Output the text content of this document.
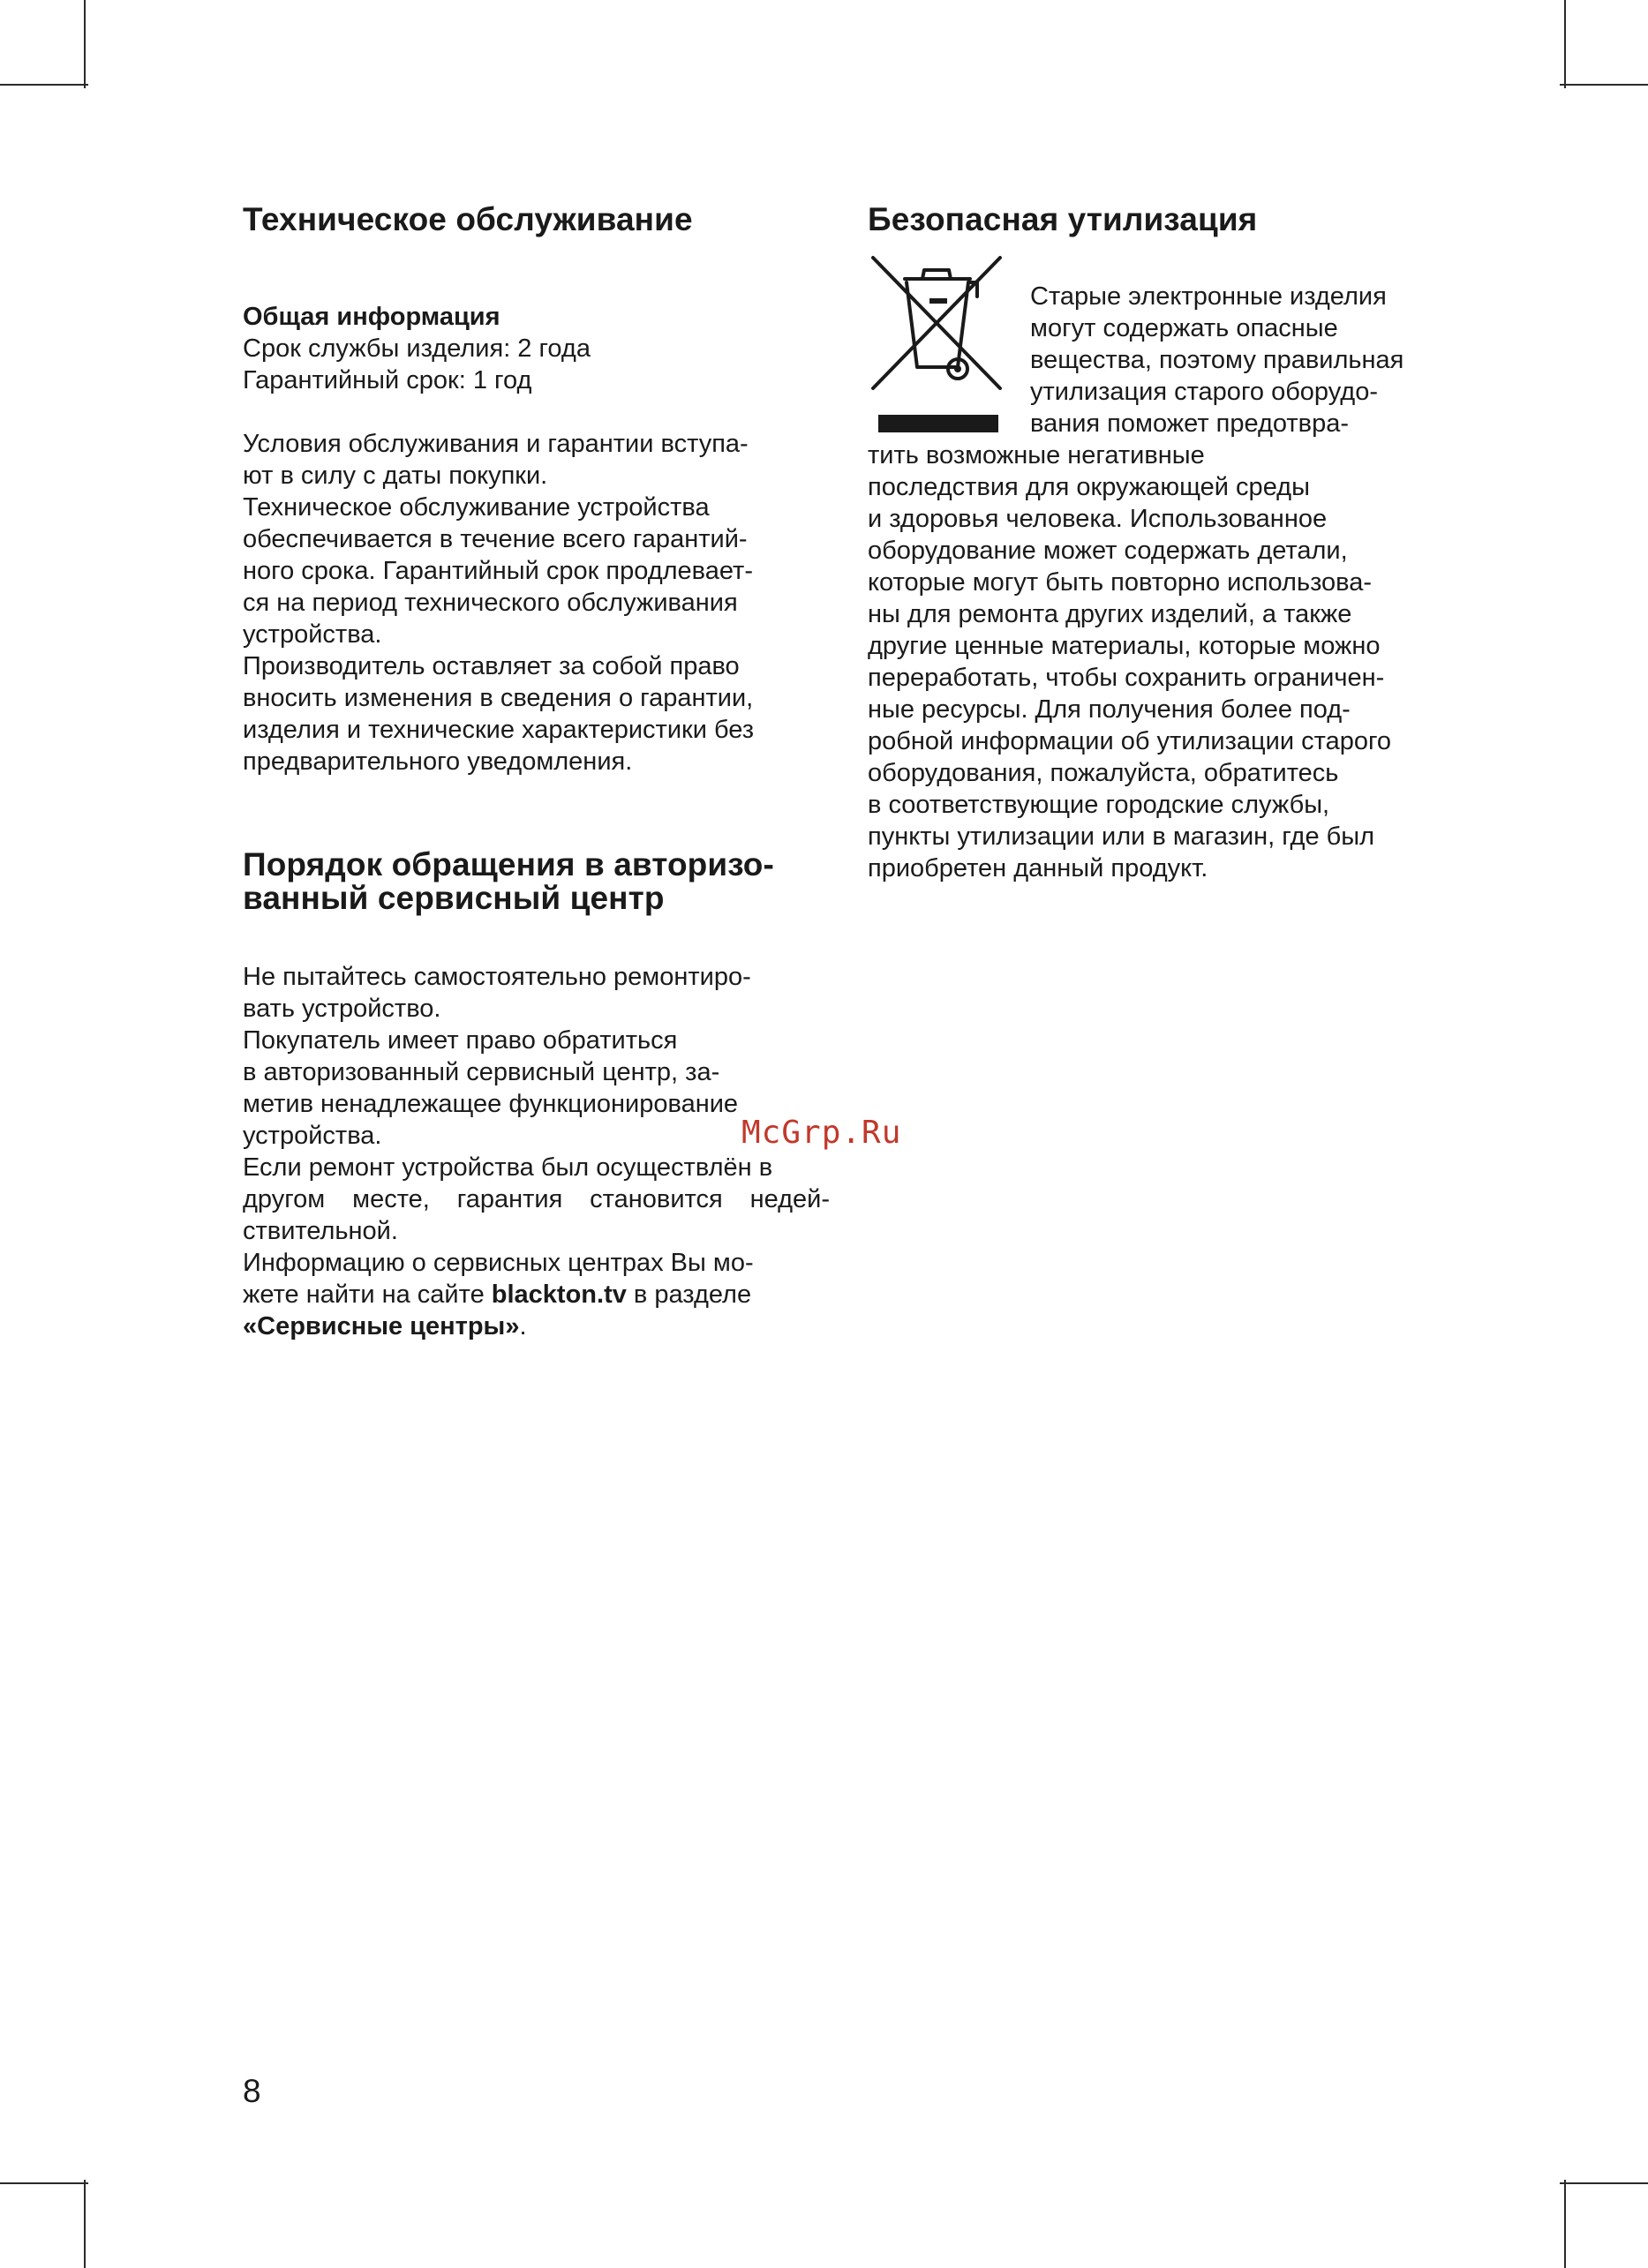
Техническое обслуживание
Общая информация

Срок службы изделия: 2 года

Гарантийный срок: 1 год

Условия обслуживания и гарантии вступа-

ют в силу с даты покупки.

Техническое обслуживание устройства

обеспечивается в течение всего гарантий-

ного срока. Гарантийный срок продлевает-

ся на период технического обслуживания

устройства.

Производитель оставляет за собой право

вносить изменения в сведения о гарантии,

изделия и технические характеристики без

предварительного уведомления.

Порядок обращения в авторизо-
ванный сервисный центр

Не пытайтесь самостоятельно ремонтиро-

вать устройство.

Покупатель имеет право обратиться

в авторизованный сервисный центр, за-

метив ненадлежащее функционирование

устройства.

Если ремонт устройства был осуществлён в

другом месте, гарантия становится недей-

ствительной.

Информацию о сервисных центрах Вы мо-

жете найти на сайте blackton.tv в разделе

«Сервисные центры».

Безопасная утилизация

Старые электронные изделия

могут содержать опасные

вещества, поэтому правильная

утилизация старого оборудо-

вания поможет предотвра-

тить возможные негативные

последствия для окружающей среды

и здоровья человека. Использованное

оборудование может содержать детали,

которые могут быть повторно использова-

ны для ремонта других изделий, а также

другие ценные материалы, которые можно

переработать, чтобы сохранить ограничен-

ные ресурсы. Для получения более под-

робной информации об утилизации старого

оборудования, пожалуйста, обратитесь

в соответствующие городские службы,

пункты утилизации или в магазин, где был

приобретен данный продукт.

McGrp.Ru
8
